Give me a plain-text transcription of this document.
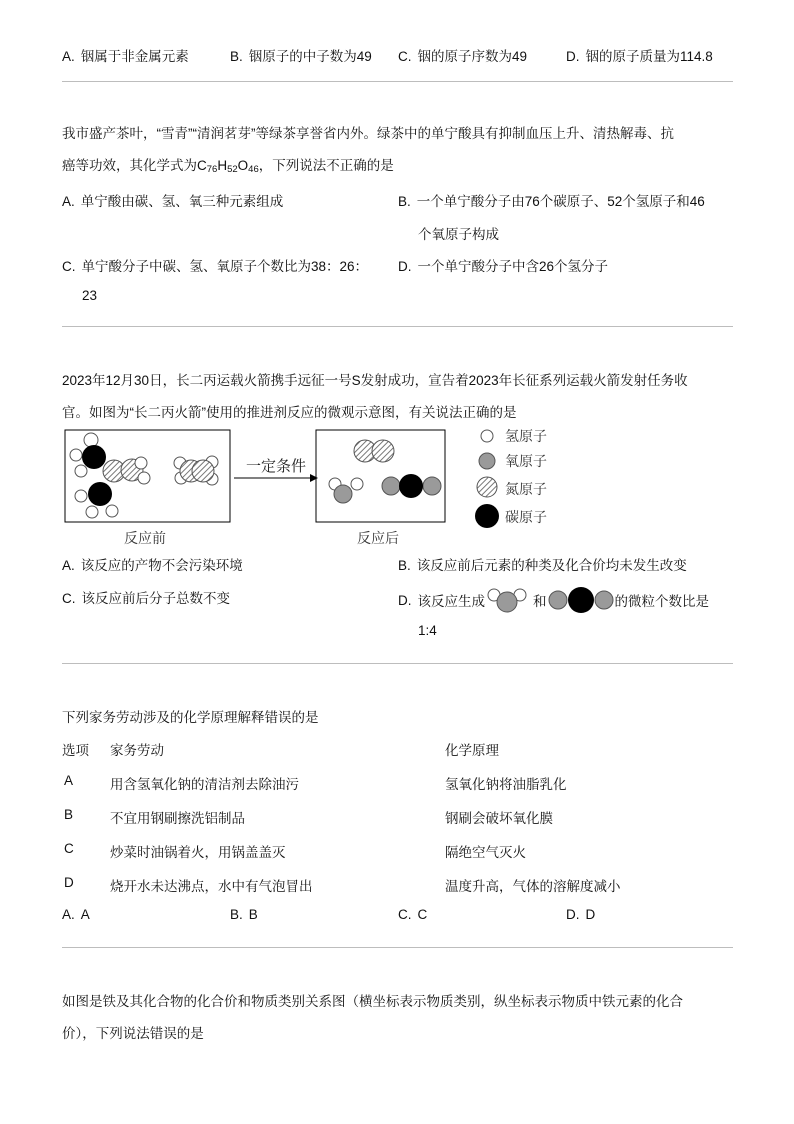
A. 铟属于非金属元素	B. 铟原子的中子数为49 C. 铟的原子序数为49	D. 铟的原子质量为114.8
我市盛产茶叶，“雪青”“清润茗芽”等绿茶享誉省内外。绿茶中的单宁酸具有抑制血压上升、清热解毒、抗
癌等功效，其化学式为$C_{76}H_{52}O_{46}$，下列说法不正确的是
A. 单宁酸由碳、氢、氧三种元素组成	B. 一个单宁酸分子由76个碳原子、52个氢原子和46
个氧原子构成
C. 单宁酸分子中碳、氢、氧原子个数比为38：26：
23
D. 一个单宁酸分子中含26个氢分子
2023年12月30日，长二丙运载火箭携手远征一号S发射成功，宣告着2023年长征系列运载火箭发射任务收
官。如图为“长二丙火箭”使用的推进剂反应的微观示意图，有关说法正确的是
一定条件
反应前	反应后
氢原子
氧原子
氮原子
碳原子
A. 该反应的产物不会污染环境	B. 该反应前后元素的种类及化合价均未发生改变
C. 该反应前后分子总数不变	D. 该反应生成	和	的微粒个数比是
1:4
下列家务劳动涉及的化学原理解释错误的是
选项 家务劳动	化学原理
A	用含氢氧化钠的清洁剂去除油污	氢氧化钠将油脂乳化
B	不宜用钢刷擦洗铝制品	钢刷会破坏氧化膜
C	炒菜时油锅着火，用锅盖盖灭	隔绝空气灭火
D	烧开水未达沸点，水中有气泡冒出	温度升高，气体的溶解度减小
A. A	B. B	C. C	D. D
如图是铁及其化合物的化合价和物质类别关系图（横坐标表示物质类别，纵坐标表示物质中铁元素的化合
价），下列说法错误的是
